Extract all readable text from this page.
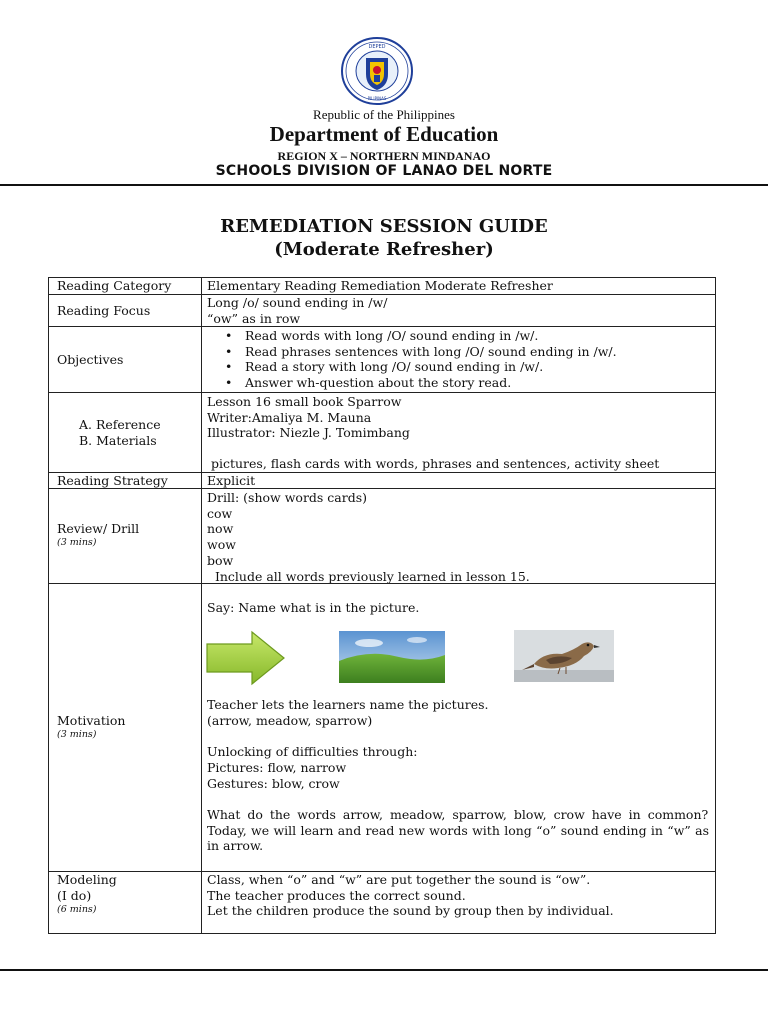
DEPED
PILIPINAS
Republic of the Philippines
Department of Education
REGION X – NORTHERN MINDANAO
SCHOOLS DIVISION OF LANAO DEL NORTE
REMEDIATION SESSION GUIDE
(Moderate Refresher)
Reading Category	Elementary Reading Remediation Moderate Refresher
Reading Focus

Long /o/ sound ending in /w/

“ow” as in row

Objectives
• Read words with long /O/ sound ending in /w/.
• Read phrases sentences with long /O/ sound ending in /w/.
• Read a story with long /O/ sound ending in /w/.
• Answer wh-question about the story read.
A. Reference
B. Materials

Lesson 16 small book Sparrow

Writer:Amaliya M. Mauna

Illustrator: Niezle J. Tomimbang

pictures, flash cards with words, phrases and sentences, activity sheet
Reading Strategy	Explicit
Review/ Drill
(3 mins)

Drill: (show words cards)

cow

now

wow

bow

Include all words previously learned in lesson 15.

Motivation
(3 mins)
Say: Name what is in the picture.

Teacher lets the learners name the pictures.

(arrow, meadow, sparrow)

Unlocking of difficulties through:

Pictures: flow, narrow

Gestures: blow, crow

What do the words arrow, meadow, sparrow, blow, crow have in common?

Today, we will learn and read new words with long “o” sound ending in “w” as in arrow.

Modeling
(I do)
(6 mins)

Class, when “o” and “w” are put together the sound is “ow”.

The teacher produces the correct sound.

Let the children produce the sound by group then by individual.
